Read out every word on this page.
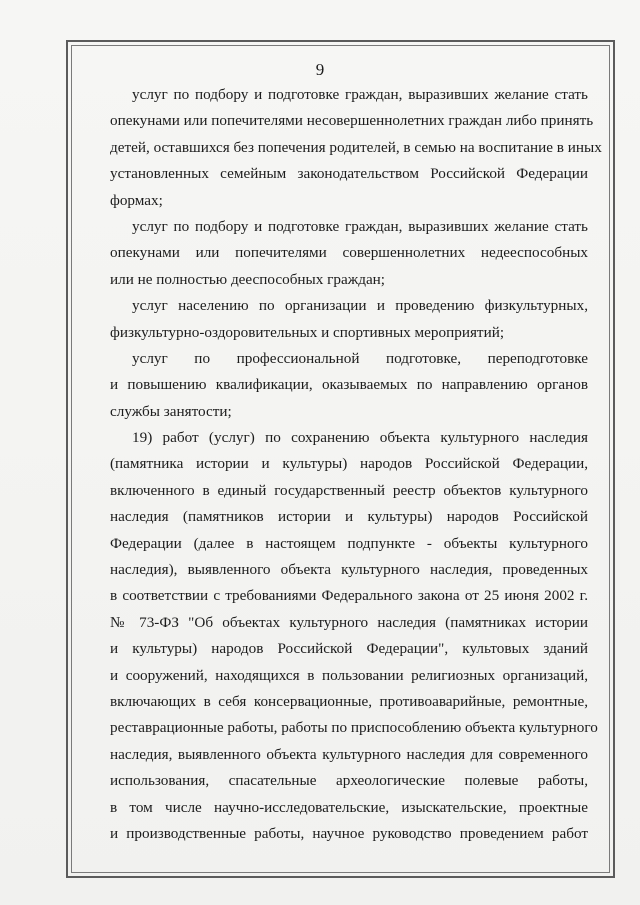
9
услуг по подбору и подготовке граждан, выразивших желание стать
опекунами или попечителями несовершеннолетних граждан либо принять
детей, оставшихся без попечения родителей, в семью на воспитание в иных
установленных семейным законодательством Российской Федерации
формах;
услуг по подбору и подготовке граждан, выразивших желание стать
опекунами или попечителями совершеннолетних недееспособных
или не полностью дееспособных граждан;
услуг населению по организации и проведению физкультурных,
физкультурно-оздоровительных и спортивных мероприятий;
услуг по профессиональной подготовке, переподготовке
и повышению квалификации, оказываемых по направлению органов
службы занятости;
19) работ (услуг) по сохранению объекта культурного наследия
(памятника истории и культуры) народов Российской Федерации,
включенного в единый государственный реестр объектов культурного
наследия (памятников истории и культуры) народов Российской
Федерации (далее в настоящем подпункте - объекты культурного
наследия), выявленного объекта культурного наследия, проведенных
в соответствии с требованиями Федерального закона от 25 июня 2002 г.
№ 73-ФЗ "Об объектах культурного наследия (памятниках истории
и культуры) народов Российской Федерации", культовых зданий
и сооружений, находящихся в пользовании религиозных организаций,
включающих в себя консервационные, противоаварийные, ремонтные,
реставрационные работы, работы по приспособлению объекта культурного
наследия, выявленного объекта культурного наследия для современного
использования, спасательные археологические полевые работы,
в том числе научно-исследовательские, изыскательские, проектные
и производственные работы, научное руководство проведением работ
